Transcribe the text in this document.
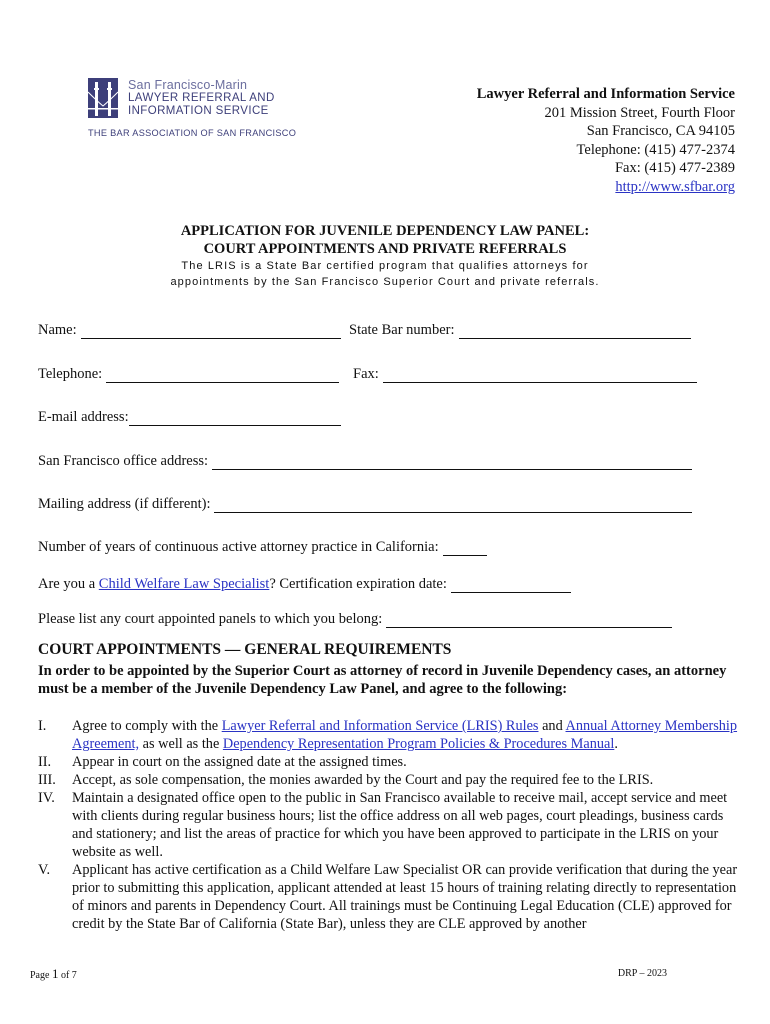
San Francisco-Marin
LAWYER REFERRAL AND
INFORMATION SERVICE
THE BAR ASSOCIATION OF SAN FRANCISCO
Lawyer Referral and Information Service
201 Mission Street, Fourth Floor
San Francisco, CA 94105
Telephone: (415) 477-2374
Fax: (415) 477-2389
http://www.sfbar.org
APPLICATION FOR JUVENILE DEPENDENCY LAW PANEL:
COURT APPOINTMENTS AND PRIVATE REFERRALS
The LRIS is a State Bar certified program that qualifies attorneys for
appointments by the San Francisco Superior Court and private referrals.
Name:	State Bar number:
Telephone:	Fax:
E-mail address:
San Francisco office address:
Mailing address (if different):
Number of years of continuous active attorney practice in California:
Are you a Child Welfare Law Specialist ? Certification expiration date:
Please list any court appointed panels to which you belong:
COURT APPOINTMENTS — GENERAL REQUIREMENTS
In order to be appointed by the Superior Court as attorney of record in Juvenile Dependency cases, an attorney must be a member of the Juvenile Dependency Law Panel, and agree to the following:
I.	Agree to comply with the Lawyer Referral and Information Service (LRIS) Rules and Annual Attorney Membership Agreement, as well as the Dependency Representation Program Policies & Procedures Manual.
II.	Appear in court on the assigned date at the assigned times.
III.	Accept, as sole compensation, the monies awarded by the Court and pay the required fee to the LRIS.
IV.	Maintain a designated office open to the public in San Francisco available to receive mail, accept service and meet with clients during regular business hours; list the office address on all web pages, court pleadings, business cards and stationery; and list the areas of practice for which you have been approved to participate in the LRIS on your website as well.
V.	Applicant has active certification as a Child Welfare Law Specialist OR can provide verification that during the year prior to submitting this application, applicant attended at least 15 hours of training relating directly to representation of minors and parents in Dependency Court. All trainings must be Continuing Legal Education (CLE) approved for credit by the State Bar of California (State Bar), unless they are CLE approved by another
Page 1 of 7	DRP – 2023
